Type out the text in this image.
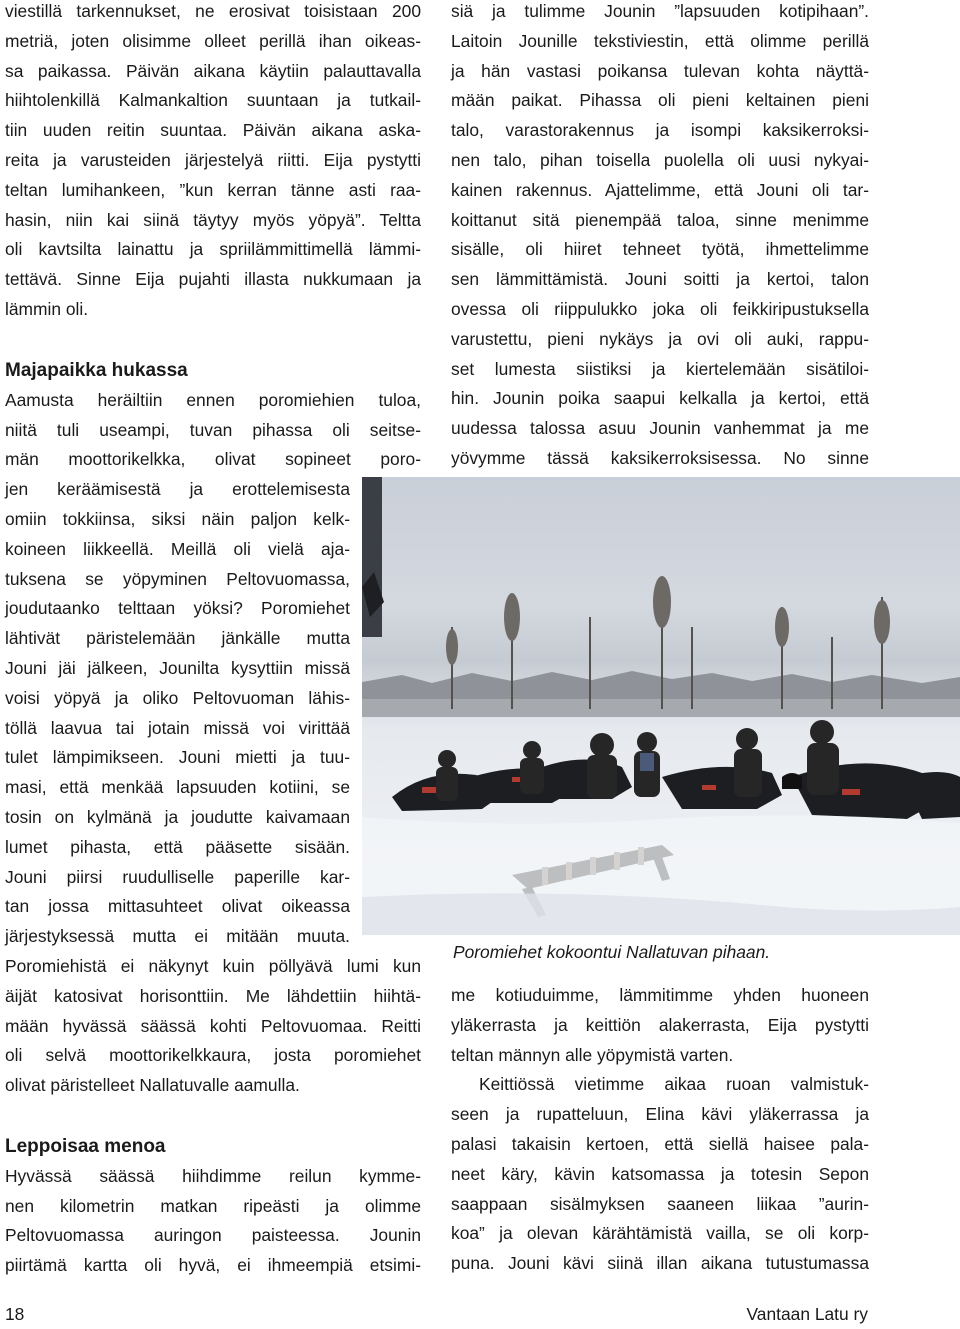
viestillä tarkennukset, ne erosivat toisistaan 200
metriä, joten olisimme olleet perillä ihan oikeas-
sa paikassa. Päivän aikana käytiin palauttavalla
hiihtolenkillä Kalmankaltion suuntaan ja tutkail-
tiin uuden reitin suuntaa. Päivän aikana aska-
reita ja varusteiden järjestelyä riitti. Eija pystytti
teltan lumihankeen, ”kun kerran tänne asti raa-
hasin, niin kai siinä täytyy myös yöpyä”. Teltta
oli kavtsilta lainattu ja spriilämmittimellä lämmi-
tettävä. Sinne Eija pujahti illasta nukkumaan ja
lämmin oli.
Majapaikka hukassa
Aamusta heräiltiin ennen poromiehien tuloa,
niitä tuli useampi, tuvan pihassa oli seitse-
män moottorikelkka, olivat sopineet poro-
jen keräämisestä ja erottelemisesta
omiin tokkiinsa, siksi näin paljon kelk-
koineen liikkeellä. Meillä oli vielä aja-
tuksena se yöpyminen Peltovuomassa,
joudutaanko telttaan yöksi? Poromiehet
lähtivät päristelemään jänkälle mutta
Jouni jäi jälkeen, Jounilta kysyttiin missä
voisi yöpyä ja oliko Peltovuoman lähis-
töllä laavua tai jotain missä voi virittää
tulet lämpimikseen. Jouni mietti ja tuu-
masi, että menkää lapsuuden kotiini, se
tosin on kylmänä ja joudutte kaivamaan
lumet pihasta, että pääsette sisään.
Jouni piirsi ruudulliselle paperille kar-
tan jossa mittasuhteet olivat oikeassa
järjestyksessä mutta ei mitään muuta.
Poromiehistä ei näkynyt kuin pöllyävä lumi kun
äijät katosivat horisonttiin. Me lähdettiin hiihtä-
mään hyvässä säässä kohti Peltovuomaa. Reitti
oli selvä moottorikelkkaura, josta poromiehet
olivat päristelleet Nallatuvalle aamulla.
Leppoisaa menoa
Hyvässä säässä hiihdimme reilun kymme-
nen kilometrin matkan ripeästi ja olimme
Peltovuomassa auringon paisteessa. Jounin
piirtämä kartta oli hyvä, ei ihmeempiä etsimi-
siä ja tulimme Jounin ”lapsuuden kotipihaan”.
Laitoin Jounille tekstiviestin, että olimme perillä
ja hän vastasi poikansa tulevan kohta näyttä-
mään paikat. Pihassa oli pieni keltainen pieni
talo, varastorakennus ja isompi kaksikerroksi-
nen talo, pihan toisella puolella oli uusi nykyai-
kainen rakennus. Ajattelimme, että Jouni oli tar-
koittanut sitä pienempää taloa, sinne menimme
sisälle, oli hiiret tehneet työtä, ihmettelimme
sen lämmittämistä. Jouni soitti ja kertoi, talon
ovessa oli riippulukko joka oli feikkiripustuksella
varustettu, pieni nykäys ja ovi oli auki, rappu-
set lumesta siistiksi ja kiertelemään sisätiloi-
hin. Jounin poika saapui kelkalla ja kertoi, että
uudessa talossa asuu Jounin vanhemmat ja me
yövymme tässä kaksikerroksisessa. No sinne
Poromiehet kokoontui Nallatuvan pihaan.
me kotiuduimme, lämmitimme yhden huoneen
yläkerrasta ja keittiön alakerrasta, Eija pystytti
teltan männyn alle yöpymistä varten.
Keittiössä vietimme aikaa ruoan valmistuk-
seen ja rupatteluun, Elina kävi yläkerrassa ja
palasi takaisin kertoen, että siellä haisee pala-
neet käry, kävin katsomassa ja totesin Sepon
saappaan sisälmyksen saaneen liikaa ”aurin-
koa” ja olevan kärähtämistä vailla, se oli korp-
puna. Jouni kävi siinä illan aikana tutustumassa
18	Vantaan Latu ry
